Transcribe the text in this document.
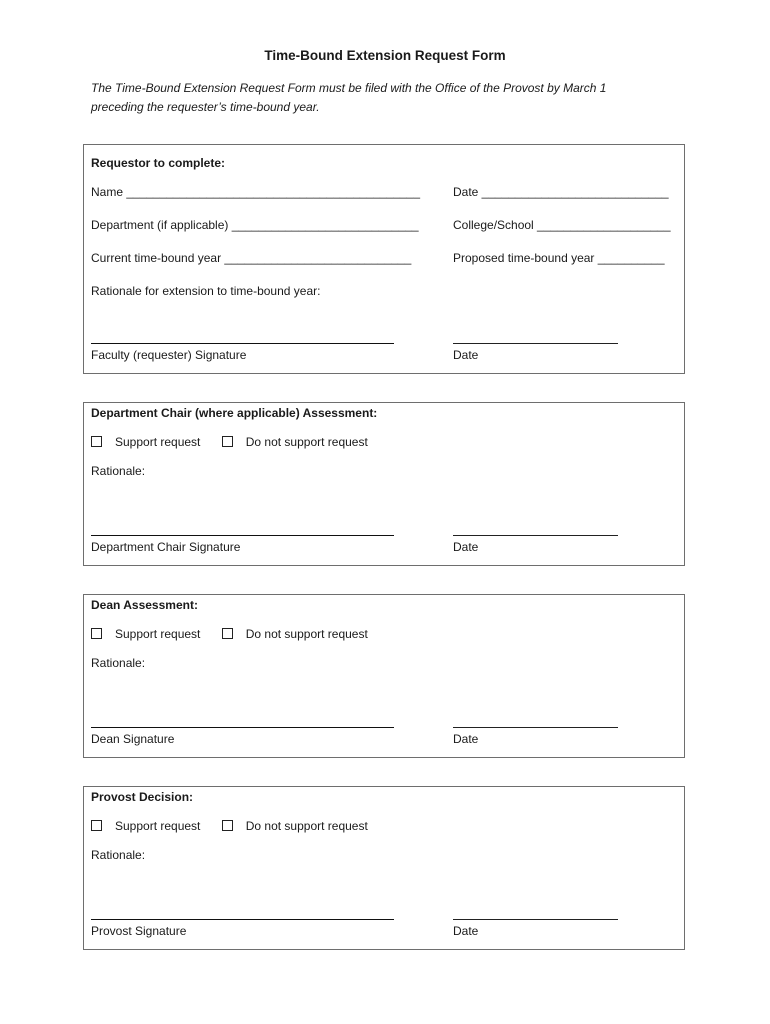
Time-Bound Extension Request Form
The Time-Bound Extension Request Form must be filed with the Office of the Provost by March 1
preceding the requester’s time-bound year.
Requestor to complete:
Name ____________________________________________	Date ____________________________
Department (if applicable) ____________________________	College/School ____________________
Current time-bound year ____________________________	Proposed time-bound year __________
Rationale for extension to time-bound year:
Faculty (requester) Signature	Date
Department Chair (where applicable) Assessment:
Support request	Do not support request
Rationale:
Department Chair Signature	Date
Dean Assessment:
Support request	Do not support request
Rationale:
Dean Signature	Date
Provost Decision:
Support request	Do not support request
Rationale:
Provost Signature	Date
